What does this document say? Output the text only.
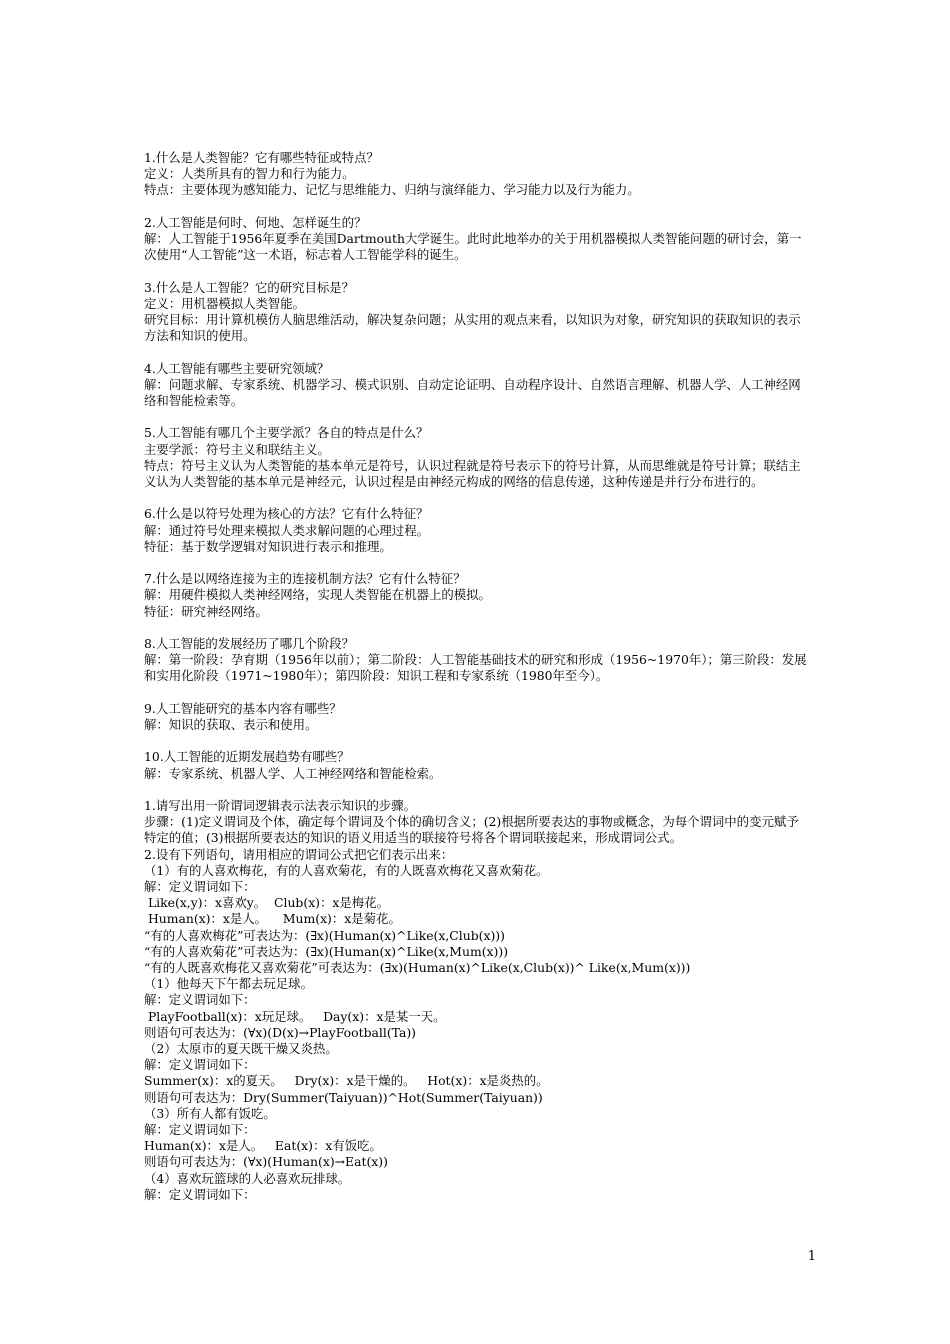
1.什么是人类智能？它有哪些特征或特点？
定义：人类所具有的智力和行为能力。
特点：主要体现为感知能力、记忆与思维能力、归纳与演绎能力、学习能力以及行为能力。
2.人工智能是何时、何地、怎样诞生的？
解：人工智能于1956年夏季在美国Dartmouth大学诞生。此时此地举办的关于用机器模拟人类智能问题的研讨会，第一次使用“人工智能”这一术语，标志着人工智能学科的诞生。
3.什么是人工智能？它的研究目标是？
定义：用机器模拟人类智能。
研究目标：用计算机模仿人脑思维活动，解决复杂问题；从实用的观点来看，以知识为对象，研究知识的获取知识的表示方法和知识的使用。
4.人工智能有哪些主要研究领域？
解：问题求解、专家系统、机器学习、模式识别、自动定论证明、自动程序设计、自然语言理解、机器人学、人工神经网络和智能检索等。
5.人工智能有哪几个主要学派？各自的特点是什么？
主要学派：符号主义和联结主义。
特点：符号主义认为人类智能的基本单元是符号，认识过程就是符号表示下的符号计算，从而思维就是符号计算；联结主义认为人类智能的基本单元是神经元，认识过程是由神经元构成的网络的信息传递，这种传递是并行分布进行的。
6.什么是以符号处理为核心的方法？它有什么特征？
解：通过符号处理来模拟人类求解问题的心理过程。
特征：基于数学逻辑对知识进行表示和推理。
7.什么是以网络连接为主的连接机制方法？它有什么特征？
解：用硬件模拟人类神经网络，实现人类智能在机器上的模拟。
特征：研究神经网络。
8.人工智能的发展经历了哪几个阶段？
解：第一阶段：孕育期（1956年以前）；第二阶段：人工智能基础技术的研究和形成（1956~1970年）；第三阶段：发展和实用化阶段（1971~1980年）；第四阶段：知识工程和专家系统（1980年至今）。
9.人工智能研究的基本内容有哪些？
解：知识的获取、表示和使用。
10.人工智能的近期发展趋势有哪些？
解：专家系统、机器人学、人工神经网络和智能检索。
1.请写出用一阶谓词逻辑表示法表示知识的步骤。
步骤：(1)定义谓词及个体，确定每个谓词及个体的确切含义；(2)根据所要表达的事物或概念，为每个谓词中的变元赋予特定的值；(3)根据所要表达的知识的语义用适当的联接符号将各个谓词联接起来，形成谓词公式。
2.设有下列语句，请用相应的谓词公式把它们表示出来：
（1）有的人喜欢梅花，有的人喜欢菊花，有的人既喜欢梅花又喜欢菊花。
解：定义谓词如下：
Like(x,y)：x喜欢y。  Club(x)：x是梅花。
Human(x)：x是人。    Mum(x)：x是菊花。
“有的人喜欢梅花”可表达为：(∃x)(Human(x)^Like(x,Club(x)))
“有的人喜欢菊花”可表达为：(∃x)(Human(x)^Like(x,Mum(x)))
“有的人既喜欢梅花又喜欢菊花”可表达为：(∃x)(Human(x)^Like(x,Club(x))^ Like(x,Mum(x)))
（1）他每天下午都去玩足球。
解：定义谓词如下：
PlayFootball(x)：x玩足球。   Day(x)：x是某一天。
则语句可表达为：(∀x)(D(x)→PlayFootball(Ta))
（2）太原市的夏天既干燥又炎热。
解：定义谓词如下：
Summer(x)：x的夏天。   Dry(x)：x是干燥的。   Hot(x)：x是炎热的。
则语句可表达为：Dry(Summer(Taiyuan))^Hot(Summer(Taiyuan))
（3）所有人都有饭吃。
解：定义谓词如下：
Human(x)：x是人。   Eat(x)：x有饭吃。
则语句可表达为：(∀x)(Human(x)→Eat(x))
（4）喜欢玩篮球的人必喜欢玩排球。
解：定义谓词如下：
1
